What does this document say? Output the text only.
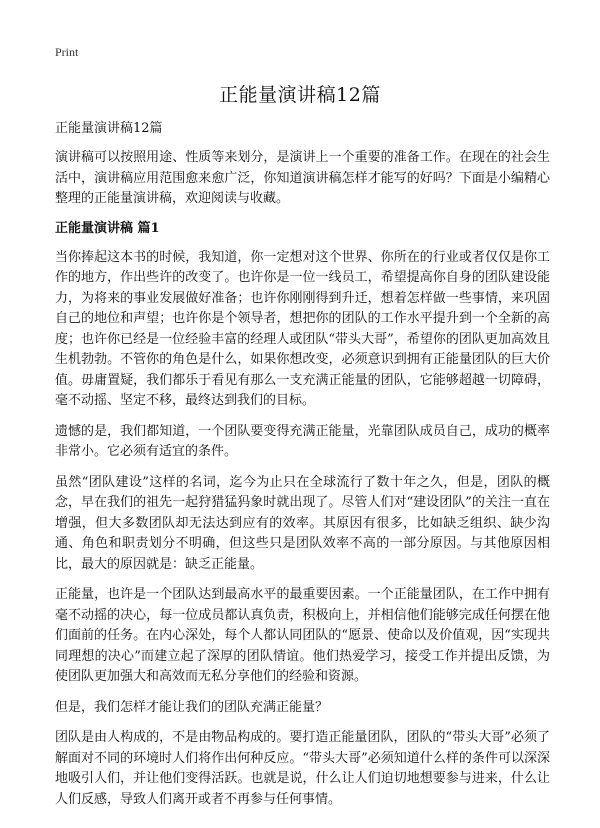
Print
正能量演讲稿12篇
正能量演讲稿12篇

演讲稿可以按照用途、性质等来划分，是演讲上一个重要的准备工作。在现在的社会生活中，演讲稿应用范围愈来愈广泛，你知道演讲稿怎样才能写的好吗？下面是小编精心整理的正能量演讲稿，欢迎阅读与收藏。

正能量演讲稿 篇1

当你捧起这本书的时候，我知道，你一定想对这个世界、你所在的行业或者仅仅是你工作的地方，作出些许的改变了。也许你是一位一线员工，希望提高你自身的团队建设能力，为将来的事业发展做好准备；也许你刚刚得到升迁，想着怎样做一些事情，来巩固自己的地位和声望；也许你是个领导者，想把你的团队的工作水平提升到一个全新的高度；也许你已经是一位经验丰富的经理人或团队“带头大哥”，希望你的团队更加高效且生机勃勃。不管你的角色是什么，如果你想改变，必须意识到拥有正能量团队的巨大价值。毋庸置疑，我们都乐于看见有那么一支充满正能量的团队，它能够超越一切障碍，毫不动摇、坚定不移，最终达到我们的目标。

遗憾的是，我们都知道，一个团队要变得充满正能量，光靠团队成员自己，成功的概率非常小。它必须有适宜的条件。

虽然“团队建设”这样的名词，迄今为止只在全球流行了数十年之久，但是，团队的概念，早在我们的祖先一起狩猎猛犸象时就出现了。尽管人们对“建设团队”的关注一直在增强，但大多数团队却无法达到应有的效率。其原因有很多，比如缺乏组织、缺少沟通、角色和职责划分不明确，但这些只是团队效率不高的一部分原因。与其他原因相比，最大的原因就是：缺乏正能量。

正能量，也许是一个团队达到最高水平的最重要因素。一个正能量团队，在工作中拥有毫不动摇的决心，每一位成员都认真负责，积极向上，并相信他们能够完成任何摆在他们面前的任务。在内心深处，每个人都认同团队的“愿景、使命以及价值观，因“实现共同理想的决心”而建立起了深厚的团队情谊。他们热爱学习，接受工作并提出反馈，为使团队更加强大和高效而无私分享他们的经验和资源。

但是，我们怎样才能让我们的团队充满正能量？

团队是由人构成的，不是由物品构成的。要打造正能量团队，团队的“带头大哥”必须了解面对不同的环境时人们将作出何种反应。“带头大哥”必须知道什么样的条件可以深深地吸引人们，并让他们变得活跃。也就是说，什么让人们迫切地想要参与进来，什么让人们反感，导致人们离开或者不再参与任何事情。
